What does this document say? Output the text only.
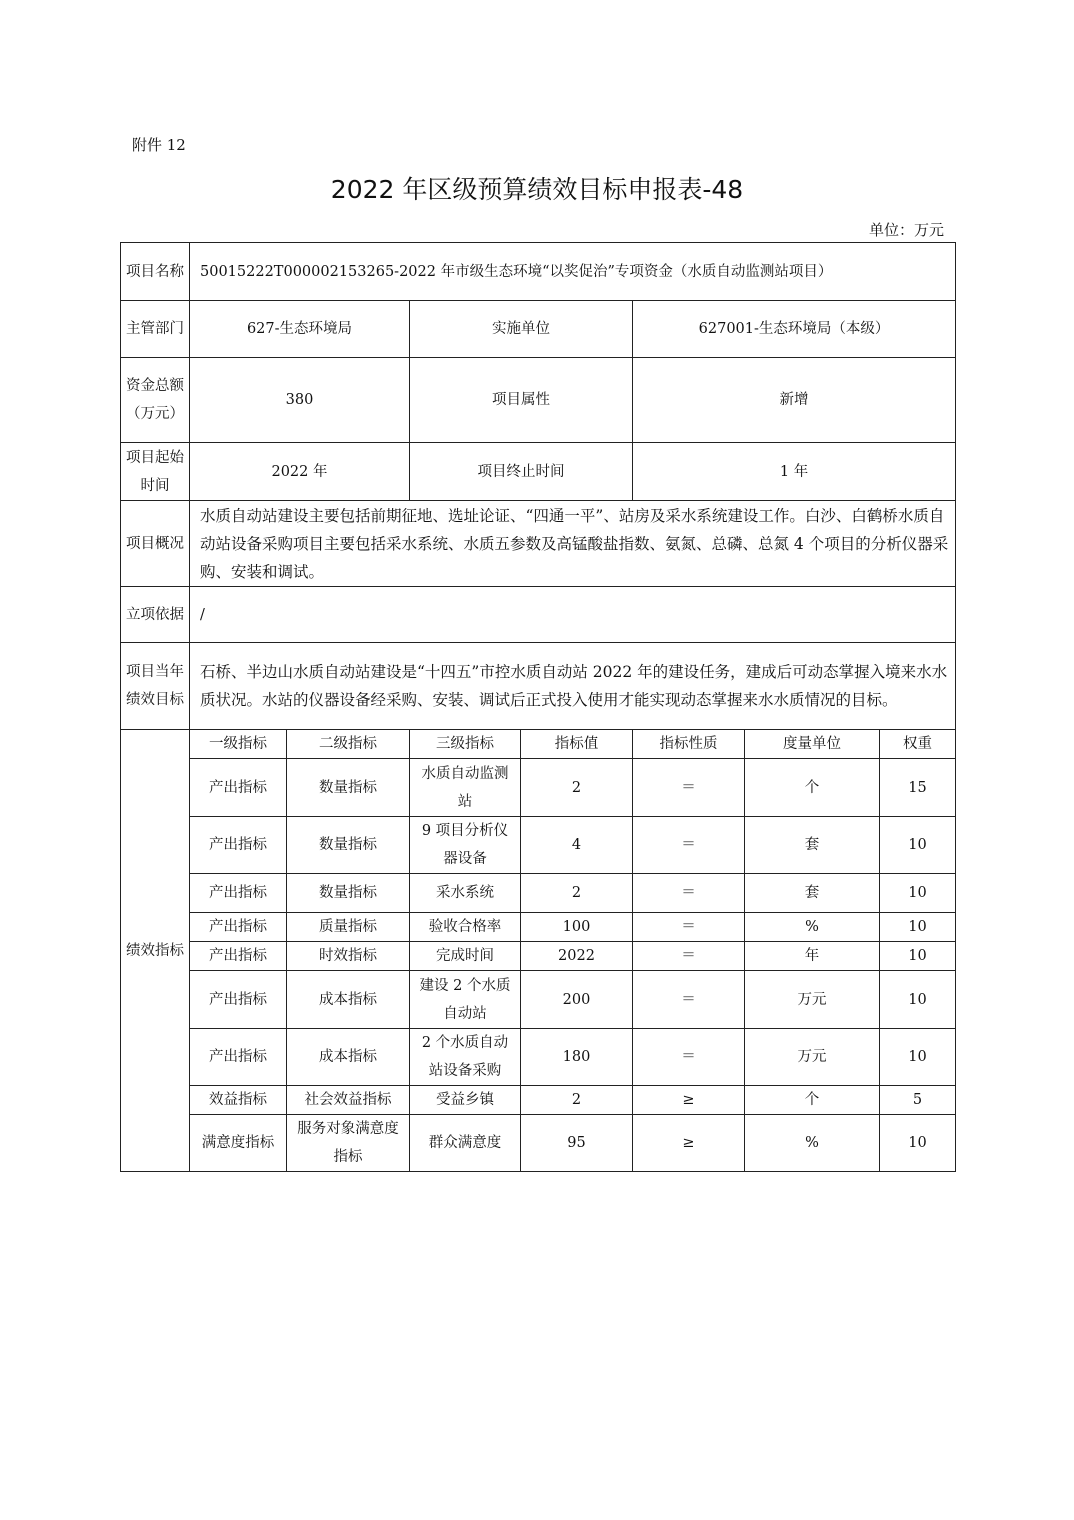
附件 12
2022 年区级预算绩效目标申报表-48
单位：万元
项目名称	50015222T000002153265-2022 年市级生态环境“以奖促治”专项资金（水质自动监测站项目）						
主管部门	627-生态环境局		实施单位		627001-生态环境局（本级）		
资金总额（万元）	380		项目属性		新增		
项目起始时间	2022 年		项目终止时间		1 年		
项目概况	水质自动站建设主要包括前期征地、选址论证、“四通一平”、站房及采水系统建设工作。白沙、白鹤桥水质自动站设备采购项目主要包括采水系统、水质五参数及高锰酸盐指数、氨氮、总磷、总氮 4 个项目的分析仪器采购、安装和调试。						
立项依据	/						
项目当年绩效目标	石桥、半边山水质自动站建设是“十四五”市控水质自动站 2022 年的建设任务，建成后可动态掌握入境来水水质状况。水站的仪器设备经采购、安装、调试后正式投入使用才能实现动态掌握来水水质情况的目标。						
绩效指标	一级指标	二级指标	三级指标	指标值	指标性质	度量单位	权重
	产出指标	数量指标	水质自动监测站	2	＝	个	15
	产出指标	数量指标	9 项目分析仪器设备	4	＝	套	10
	产出指标	数量指标	采水系统	2	＝	套	10
	产出指标	质量指标	验收合格率	100	＝	%	10
	产出指标	时效指标	完成时间	2022	＝	年	10
	产出指标	成本指标	建设 2 个水质自动站	200	＝	万元	10
	产出指标	成本指标	2 个水质自动站设备采购	180	＝	万元	10
	效益指标	社会效益指标	受益乡镇	2	≥	个	5
	满意度指标	服务对象满意度指标	群众满意度	95	≥	%	10
